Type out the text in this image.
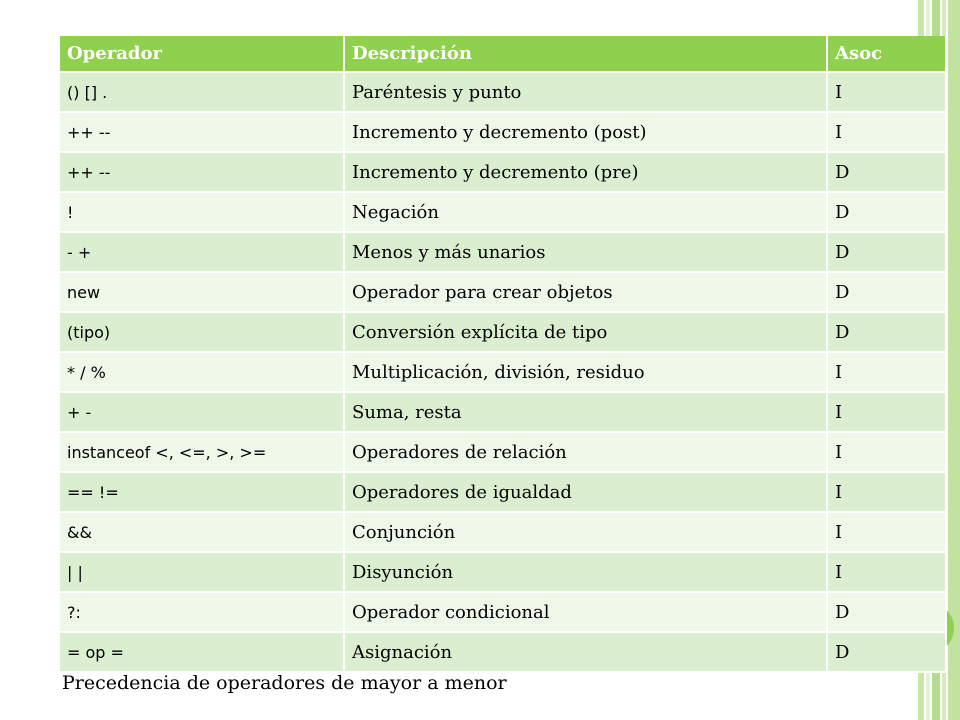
Operador	Descripción	Asoc
() [] .	Paréntesis y punto	I
++ --	Incremento y decremento (post)	I
++ --	Incremento y decremento (pre)	D
!	Negación	D
- +	Menos y más unarios	D
new	Operador para crear objetos	D
(tipo)	Conversión explícita de tipo	D
* / %	Multiplicación, división, residuo	I
+ -	Suma, resta	I
instanceof <, <=, >, >=	Operadores de relación	I
== !=	Operadores de igualdad	I
&&	Conjunción	I
| |	Disyunción	I
?:	Operador condicional	D
= op =	Asignación	D
Precedencia de operadores de mayor a menor
